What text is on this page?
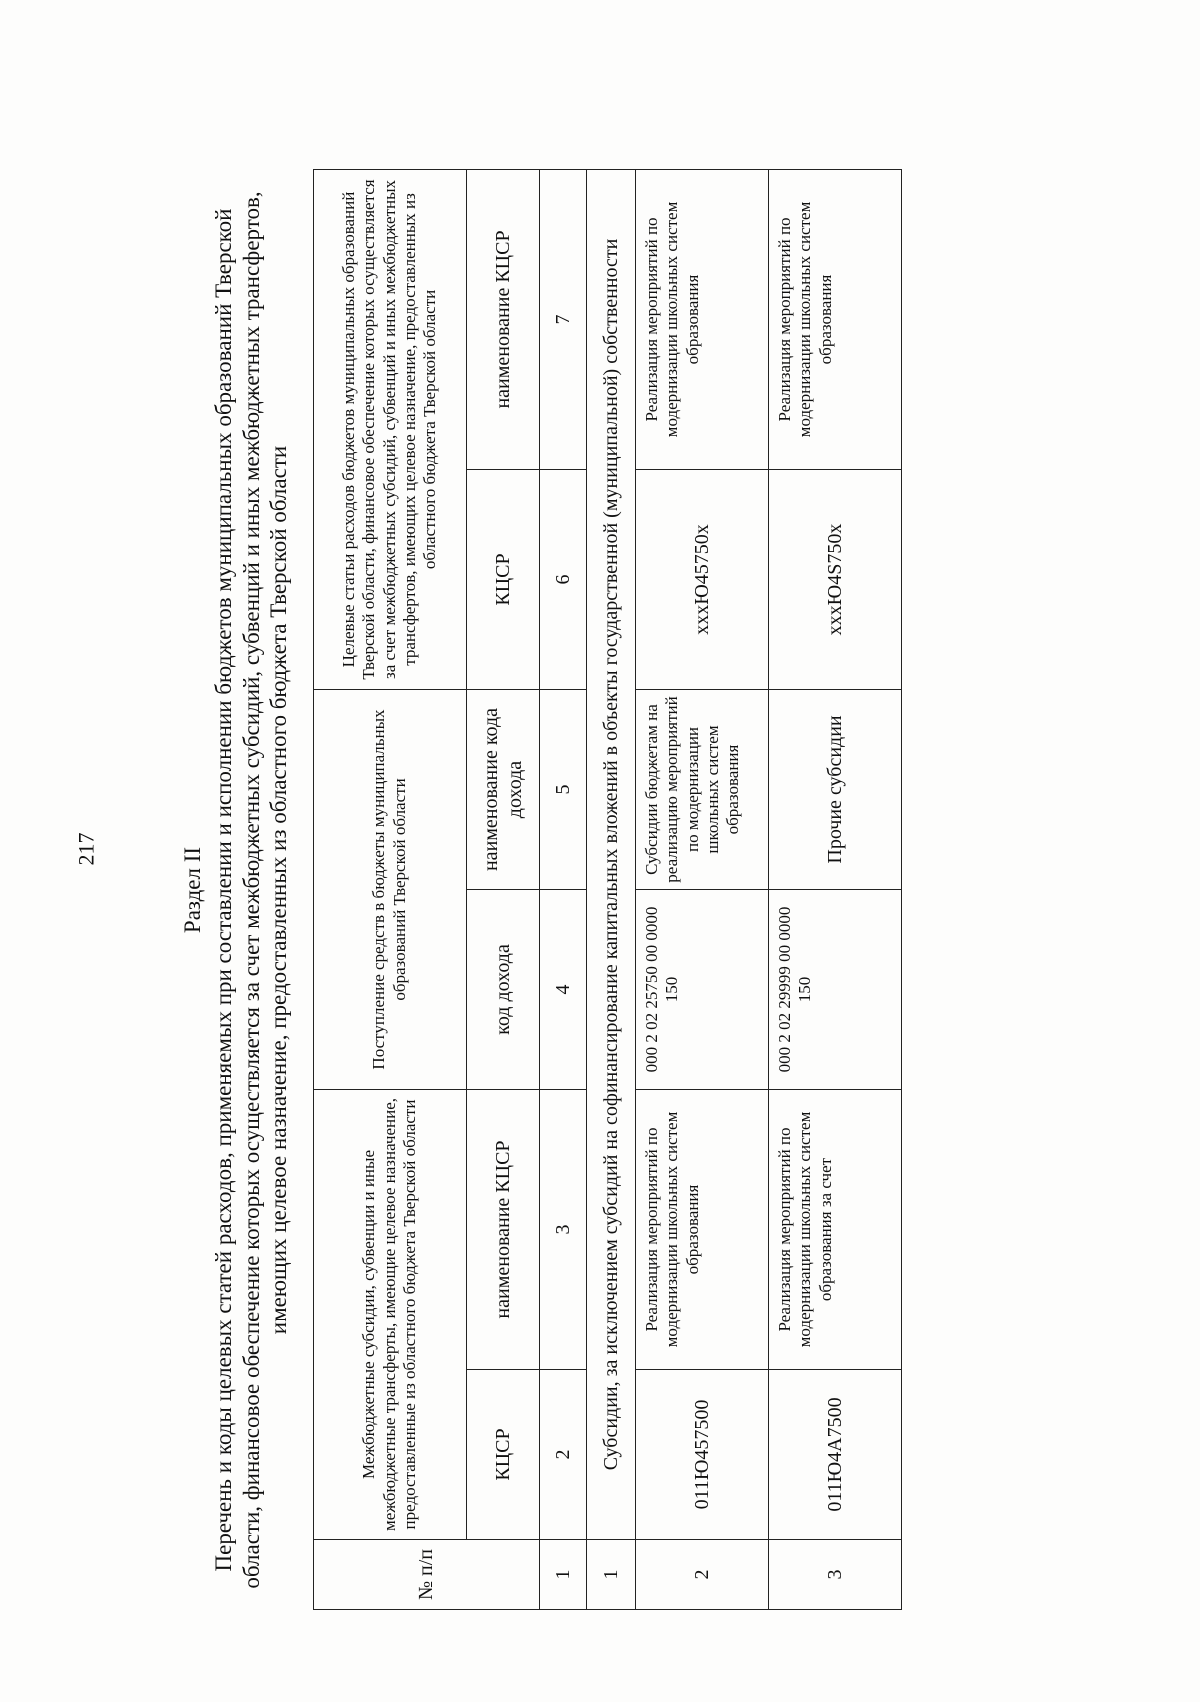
217	Раздел II Перечень и коды целевых статей расходов, применяемых при составлении и исполнении бюджетов муниципальных образований Тверской области, финансовое обеспечение которых осуществляется за счет межбюджетных субсидий, субвенций и иных межбюджетных трансфертов, имеющих целевое назначение, предоставленных из областного бюджета Тверской области
№ п/п	Межбюджетные субсидии, субвенции и иные межбюджетные трансферты, имеющие целевое назначение, предоставленные из областного бюджета Тверской области		Поступление средств в бюджеты муниципальных образований Тверской области		Целевые статьи расходов бюджетов муниципальных образований Тверской области, финансовое обеспечение которых осуществляется за счет межбюджетных субсидий, субвенций и иных межбюджетных трансфертов, имеющих целевое назначение, предоставленных из областного бюджета Тверской области	
	КЦСР	наименование КЦСР	код дохода	наименование кода дохода	КЦСР	наименование КЦСР
1	2	3	4	5	6	7
1	Субсидии, за исключением субсидий на софинансирование капитальных вложений в объекты государственной (муниципальной) собственности					
2	011Ю457500	Реализация мероприятий по модернизации школьных систем образования	000 2 02 25750 00 0000 150	Субсидии бюджетам на реализацию мероприятий по модернизации школьных систем образования	xxxЮ45750x	Реализация мероприятий по модернизации школьных систем образования
3	011Ю4А7500	Реализация мероприятий по модернизации школьных систем образования за счет	000 2 02 29999 00 0000 150	Прочие субсидии	xxxЮ4S750x	Реализация мероприятий по модернизации школьных систем образования
